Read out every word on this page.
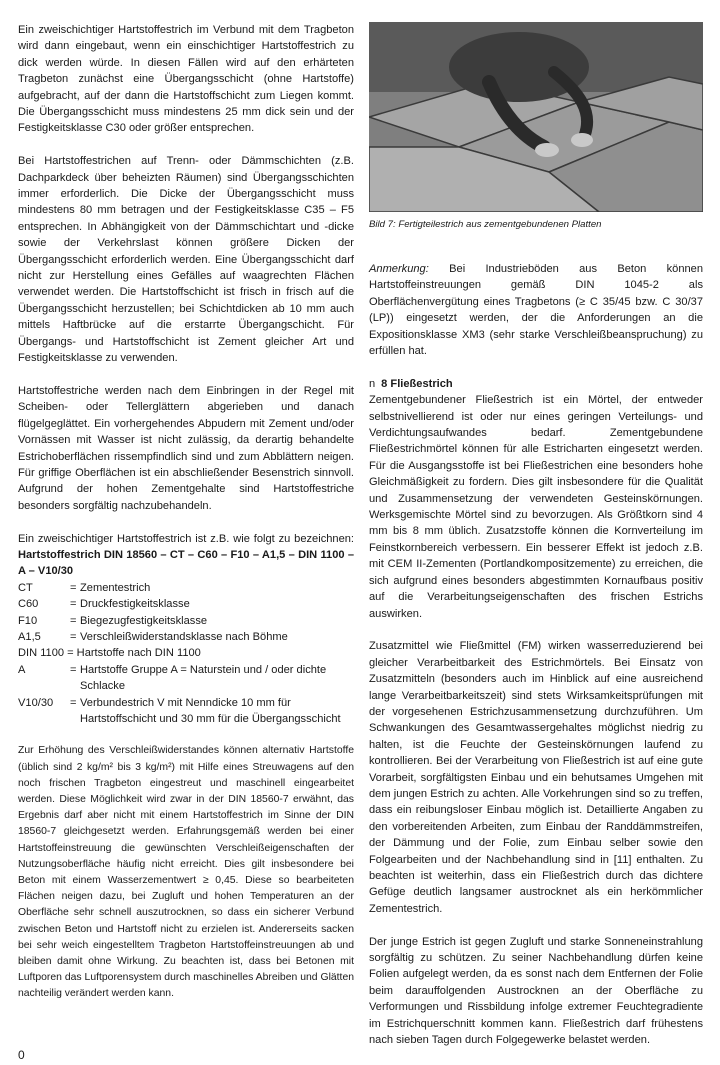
Ein zweischichtiger Hartstoffestrich im Verbund mit dem Tragbeton wird dann eingebaut, wenn ein einschichtiger Hartstoffestrich zu dick werden würde. In diesen Fällen wird auf den erhärteten Tragbeton zunächst eine Übergangsschicht (ohne Hartstoffe) aufgebracht, auf der dann die Hartstoffschicht zum Liegen kommt. Die Übergangsschicht muss mindestens 25 mm dick sein und der Festigkeitsklasse C30 oder größer entsprechen.

Bei Hartstoffestrichen auf Trenn- oder Dämmschichten (z.B. Dachparkdeck über beheizten Räumen) sind Übergangsschichten immer erforderlich. Die Dicke der Übergangsschicht muss mindestens 80 mm betragen und der Festigkeitsklasse C35 – F5 entsprechen. In Abhängigkeit von der Dämmschichtart und -dicke sowie der Verkehrslast können größere Dicken der Übergangsschicht erforderlich werden. Eine Übergangsschicht darf nicht zur Herstellung eines Gefälles auf waagrechten Flächen verwendet werden. Die Hartstoffschicht ist frisch in frisch auf die Übergangsschicht herzustellen; bei Schichtdicken ab 10 mm auch mittels Haftbrücke auf die erstarrte Übergangschicht. Für Übergangs- und Hartstoffschicht ist Zement gleicher Art und Festigkeitsklasse zu verwenden.

Hartstoffestriche werden nach dem Einbringen in der Regel mit Scheiben- oder Tellerglättern abgerieben und danach flügelgeglättet. Ein vorhergehendes Abpudern mit Zement und/oder Vornässen mit Wasser ist nicht zulässig, da derartig behandelte Estrichoberflächen rissempfindlich sind und zum Abblättern neigen. Für griffige Oberflächen ist ein abschließender Besenstrich sinnvoll. Aufgrund der hohen Zementgehalte sind Hartstoffestriche besonders sorgfältig nachzubehandeln.

Ein zweischichtiger Hartstoffestrich ist z.B. wie folgt zu bezeichnen: Hartstoffestrich DIN 18560 – CT – C60 – F10 – A1,5 – DIN 1100 – A – V10/30
CT	= Zementestrich
C60	= Druckfestigkeitsklasse
F10	= Biegezugfestigkeitsklasse
A1,5	= Verschleißwiderstandsklasse nach Böhme
DIN 1100 = Hartstoffe nach DIN 1100
A	= Hartstoffe Gruppe A = Naturstein und / oder dichte Schlacke
V10/30	= Verbundestrich V mit Nenndicke 10 mm für Hartstoffschicht und 30 mm für die Übergangsschicht

Zur Erhöhung des Verschleißwiderstandes können alternativ Hartstoffe (üblich sind 2 kg/m² bis 3 kg/m²) mit Hilfe eines Streuwagens auf den noch frischen Tragbeton eingestreut und maschinell eingearbeitet werden. Diese Möglichkeit wird zwar in der DIN 18560-7 erwähnt, das Ergebnis darf aber nicht mit einem Hartstoffestrich im Sinne der DIN 18560-7 gleichgesetzt werden. Erfahrungsgemäß werden bei einer Hartstoffeinstreuung die gewünschten Verschleißeigenschaften der Nutzungsoberfläche häufig nicht erreicht. Dies gilt insbesondere bei Beton mit einem Wasserzementwert ≥ 0,45. Diese so bearbeiteten Flächen neigen dazu, bei Zugluft und hohen Temperaturen an der Oberfläche sehr schnell auszutrocknen, so dass ein sicherer Verbund zwischen Beton und Hartstoff nicht zu erzielen ist. Andererseits sacken bei sehr weich eingestelltem Tragbeton Hartstoffeinstreuungen ab und bleiben damit ohne Wirkung. Zu beachten ist, dass bei Betonen mit Luftporen das Luftporensystem durch maschinelles Abreiben und Glätten nachteilig verändert werden kann.

Bild 7: Fertigteilestrich aus zementgebundenen Platten

Anmerkung: Bei Industrieböden aus Beton können Hartstoffeinstreuungen gemäß DIN 1045-2 als Oberflächenvergütung eines Tragbetons (≥ C 35/45 bzw. C 30/37 (LP)) eingesetzt werden, der die Anforderungen an die Expositionsklasse XM3 (sehr starke Verschleißbeanspruchung) zu erfüllen hat.

n 8 Fließestrich

Zementgebundener Fließestrich ist ein Mörtel, der entweder selbstnivellierend ist oder nur eines geringen Verteilungs- und Verdichtungsaufwandes bedarf. Zementgebundene Fließestrichmörtel können für alle Estricharten eingesetzt werden. Für die Ausgangsstoffe ist bei Fließestrichen eine besonders hohe Gleichmäßigkeit zu fordern. Dies gilt insbesondere für die Qualität und Zusammensetzung der verwendeten Gesteinskörnungen. Werksgemischte Mörtel sind zu bevorzugen. Als Größtkorn sind 4 mm bis 8 mm üblich. Zusatzstoffe können die Kornverteilung im Feinstkornbereich verbessern. Ein besserer Effekt ist jedoch z.B. mit CEM II-Zementen (Portlandkompositzemente) zu erreichen, die sich aufgrund eines besonders abgestimmten Kornaufbaus positiv auf die Verarbeitungseigenschaften des frischen Estrichs auswirken.

Zusatzmittel wie Fließmittel (FM) wirken wasserreduzierend bei gleicher Verarbeitbarkeit des Estrichmörtels. Bei Einsatz von Zusatzmitteln (besonders auch im Hinblick auf eine ausreichend lange Verarbeitbarkeitszeit) sind stets Wirksamkeitsprüfungen mit der vorgesehenen Estrichzusammensetzung durchzuführen. Um Schwankungen des Gesamtwassergehaltes möglichst niedrig zu halten, ist die Feuchte der Gesteinskörnungen laufend zu kontrollieren. Bei der Verarbeitung von Fließestrich ist auf eine gute Vorarbeit, sorgfältigsten Einbau und ein behutsames Umgehen mit dem jungen Estrich zu achten. Alle Vorkehrungen sind so zu treffen, dass ein reibungsloser Einbau möglich ist. Detaillierte Angaben zu den vorbereitenden Arbeiten, zum Einbau der Randdämmstreifen, der Dämmung und der Folie, zum Einbau selber sowie den Folgearbeiten und der Nachbehandlung sind in [11] enthalten. Zu beachten ist weiterhin, dass ein Fließestrich durch das dichtere Gefüge deutlich langsamer austrocknet als ein herkömmlicher Zementestrich.

Der junge Estrich ist gegen Zugluft und starke Sonneneinstrahlung sorgfältig zu schützen. Zu seiner Nachbehandlung dürfen keine Folien aufgelegt werden, da es sonst nach dem Entfernen der Folie beim darauffolgenden Austrocknen an der Oberfläche zu Verformungen und Rissbildung infolge extremer Feuchtegradiente im Estrichquerschnitt kommen kann. Fließestrich darf frühestens nach sieben Tagen durch Folgegewerke belastet werden.

0
